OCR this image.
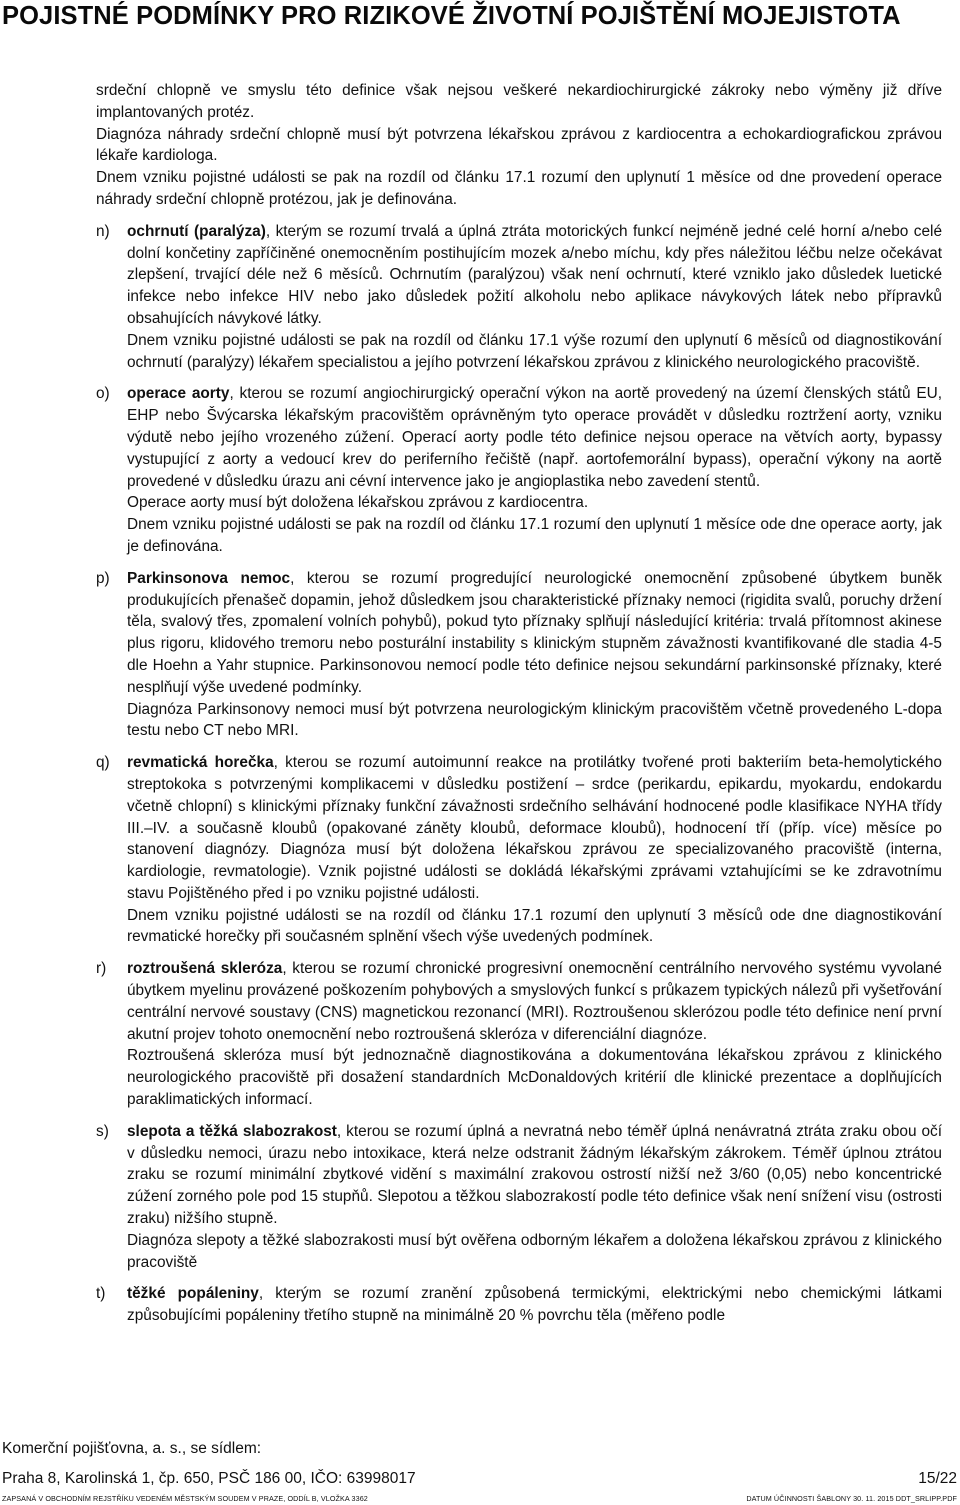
POJISTNÉ PODMÍNKY PRO RIZIKOVÉ ŽIVOTNÍ POJIŠTĚNÍ MOJEJISTOTA

srdeční chlopně ve smyslu této definice však nejsou veškeré nekardiochirurgické zákroky nebo výměny již dříve implantovaných protéz.

Diagnóza náhrady srdeční chlopně musí být potvrzena lékařskou zprávou z kardiocentra a echokardiografickou zprávou lékaře kardiologa.

Dnem vzniku pojistné události se pak na rozdíl od článku 17.1 rozumí den uplynutí 1 měsíce od dne provedení operace náhrady srdeční chlopně protézou, jak je definována.

n) ochrnutí (paralýza), kterým se rozumí trvalá a úplná ztráta motorických funkcí nejméně jedné celé horní a/nebo celé dolní končetiny zapříčiněné onemocněním postihujícím mozek a/nebo míchu, kdy přes náležitou léčbu nelze očekávat zlepšení, trvající déle než 6 měsíců. Ochrnutím (paralýzou) však není ochrnutí, které vzniklo jako důsledek luetické infekce nebo infekce HIV nebo jako důsledek požití alkoholu nebo aplikace návykových látek nebo přípravků obsahujících návykové látky.

Dnem vzniku pojistné události se pak na rozdíl od článku 17.1 výše rozumí den uplynutí 6 měsíců od diagnostikování ochrnutí (paralýzy) lékařem specialistou a jejího potvrzení lékařskou zprávou z klinického neurologického pracoviště.

o) operace aorty, kterou se rozumí angiochirurgický operační výkon na aortě provedený na území členských států EU, EHP nebo Švýcarska lékařským pracovištěm oprávněným tyto operace provádět v důsledku roztržení aorty, vzniku výdutě nebo jejího vrozeného zúžení. Operací aorty podle této definice nejsou operace na větvích aorty, bypassy vystupující z aorty a vedoucí krev do periferního řečiště (např. aortofemorální bypass), operační výkony na aortě provedené v důsledku úrazu ani cévní intervence jako je angioplastika nebo zavedení stentů.

Operace aorty musí být doložena lékařskou zprávou z kardiocentra.

Dnem vzniku pojistné události se pak na rozdíl od článku 17.1 rozumí den uplynutí 1 měsíce ode dne operace aorty, jak je definována.

p) Parkinsonova nemoc, kterou se rozumí progredující neurologické onemocnění způsobené úbytkem buněk produkujících přenašeč dopamin, jehož důsledkem jsou charakteristické příznaky nemoci (rigidita svalů, poruchy držení těla, svalový třes, zpomalení volních pohybů), pokud tyto příznaky splňují následující kritéria: trvalá přítomnost akinese plus rigoru, klidového tremoru nebo posturální instability s klinickým stupněm závažnosti kvantifikované dle stadia 4-5 dle Hoehn a Yahr stupnice. Parkinsonovou nemocí podle této definice nejsou sekundární parkinsonské příznaky, které nesplňují výše uvedené podmínky.

Diagnóza Parkinsonovy nemoci musí být potvrzena neurologickým klinickým pracovištěm včetně provedeného L-dopa testu nebo CT nebo MRI.

q) revmatická horečka, kterou se rozumí autoimunní reakce na protilátky tvořené proti bakteriím beta-hemolytického streptokoka s potvrzenými komplikacemi v důsledku postižení – srdce (perikardu, epikardu, myokardu, endokardu včetně chlopní) s klinickými příznaky funkční závažnosti srdečního selhávání hodnocené podle klasifikace NYHA třídy III.–IV. a současně kloubů (opakované záněty kloubů, deformace kloubů), hodnocení tří (příp. více) měsíce po stanovení diagnózy. Diagnóza musí být doložena lékařskou zprávou ze specializovaného pracoviště (interna, kardiologie, revmatologie). Vznik pojistné události se dokládá lékařskými zprávami vztahujícími se ke zdravotnímu stavu Pojištěného před i po vzniku pojistné události.

Dnem vzniku pojistné události se na rozdíl od článku 17.1 rozumí den uplynutí 3 měsíců ode dne diagnostikování revmatické horečky při současném splnění všech výše uvedených podmínek.

r) roztroušená skleróza, kterou se rozumí chronické progresivní onemocnění centrálního nervového systému vyvolané úbytkem myelinu provázené poškozením pohybových a smyslových funkcí s průkazem typických nálezů při vyšetřování centrální nervové soustavy (CNS) magnetickou rezonancí (MRI). Roztroušenou sklerózou podle této definice není první akutní projev tohoto onemocnění nebo roztroušená skleróza v diferenciální diagnóze.

Roztroušená skleróza musí být jednoznačně diagnostikována a dokumentována lékařskou zprávou z klinického neurologického pracoviště při dosažení standardních McDonaldových kritérií dle klinické prezentace a doplňujících paraklimatických informací.

s) slepota a těžká slabozrakost, kterou se rozumí úplná a nevratná nebo téměř úplná nenávratná ztráta zraku obou očí v důsledku nemoci, úrazu nebo intoxikace, která nelze odstranit žádným lékařským zákrokem. Téměř úplnou ztrátou zraku se rozumí minimální zbytkové vidění s maximální zrakovou ostrostí nižší než 3/60 (0,05) nebo koncentrické zúžení zorného pole pod 15 stupňů. Slepotou a těžkou slabozrakostí podle této definice však není snížení visu (ostrosti zraku) nižšího stupně.

Diagnóza slepoty a těžké slabozrakosti musí být ověřena odborným lékařem a doložena lékařskou zprávou z klinického pracoviště

t) těžké popáleniny, kterým se rozumí zranění způsobená termickými, elektrickými nebo chemickými látkami způsobujícími popáleniny třetího stupně na minimálně 20 % povrchu těla (měřeno podle

Komerční pojišťovna, a. s., se sídlem:
Praha 8, Karolinská 1, čp. 650, PSČ 186 00, IČO: 63998017	15/22
ZAPSANÁ V OBCHODNÍM REJSTŘÍKU VEDENÉM MĚSTSKÝM SOUDEM V PRAZE, ODDÍL B, VLOŽKA 3362	DATUM ÚČINNOSTI ŠABLONY 30. 11. 2015 DDT_SRLIPP.PDF
